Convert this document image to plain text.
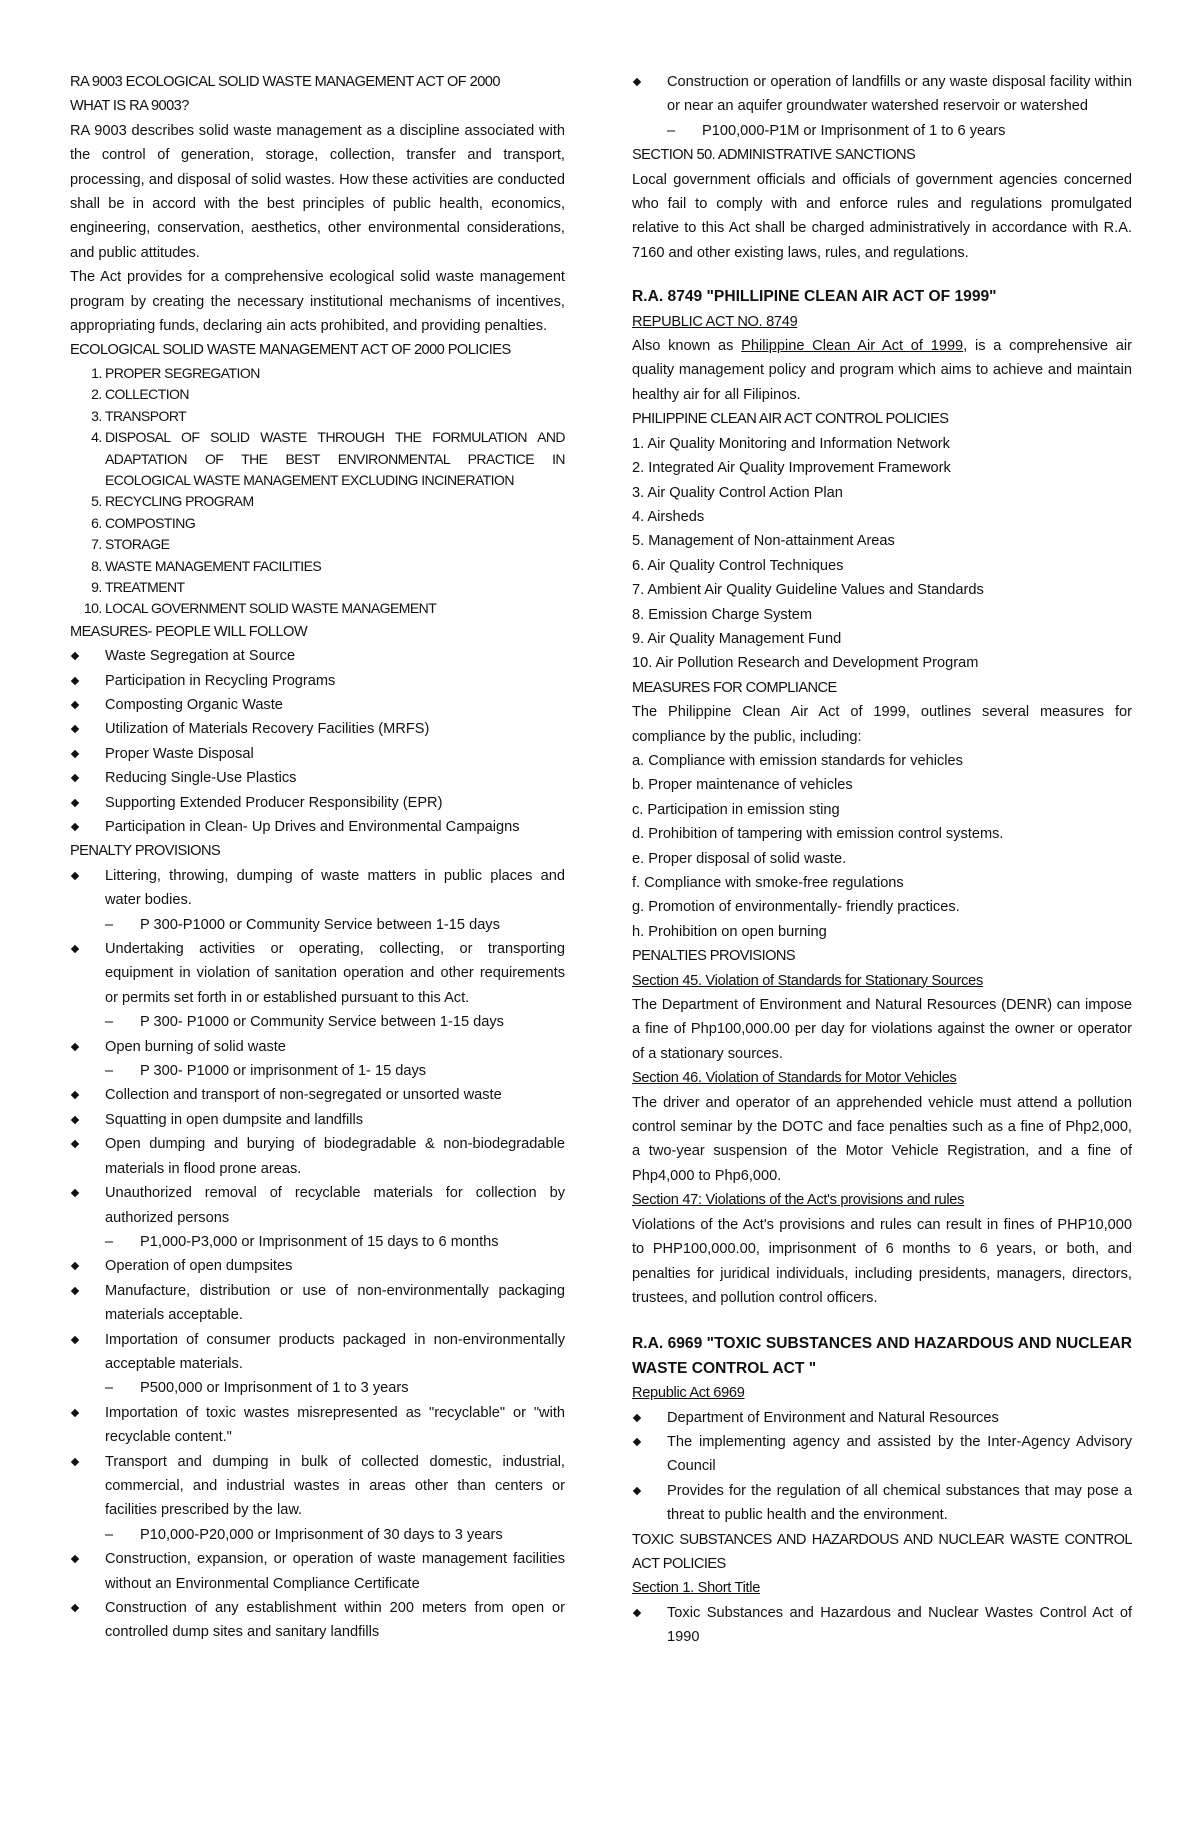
RA 9003 ECOLOGICAL SOLID WASTE MANAGEMENT ACT OF 2000

WHAT IS RA 9003?

RA 9003 describes solid waste management as a discipline associated with the control of generation, storage, collection, transfer and transport, processing, and disposal of solid wastes. How these activities are conducted shall be in accord with the best principles of public health, economics, engineering, conservation, aesthetics, other environmental considerations, and public attitudes.

The Act provides for a comprehensive ecological solid waste management program by creating the necessary institutional mechanisms of incentives, appropriating funds, declaring ain acts prohibited, and providing penalties.

ECOLOGICAL SOLID WASTE MANAGEMENT ACT OF 2000 POLICIES

1. PROPER SEGREGATION
2. COLLECTION
3. TRANSPORT
4. DISPOSAL OF SOLID WASTE THROUGH THE FORMULATION AND ADAPTATION OF THE BEST ENVIRONMENTAL PRACTICE IN ECOLOGICAL WASTE MANAGEMENT EXCLUDING INCINERATION
5. RECYCLING PROGRAM
6. COMPOSTING
7. STORAGE
8. WASTE MANAGEMENT FACILITIES
9. TREATMENT
10. LOCAL GOVERNMENT SOLID WASTE MANAGEMENT

MEASURES- PEOPLE WILL FOLLOW

Waste Segregation at Source
Participation in Recycling Programs
Composting Organic Waste
Utilization of Materials Recovery Facilities (MRFS)
Proper Waste Disposal
Reducing Single-Use Plastics
Supporting Extended Producer Responsibility (EPR)
Participation in Clean- Up Drives and Environmental Campaigns

PENALTY PROVISIONS

Littering, throwing, dumping of waste matters in public places and water bodies.

– P 300-P1000 or Community Service between 1-15 days

Undertaking activities or operating, collecting, or transporting equipment in violation of sanitation operation and other requirements or permits set forth in or established pursuant to this Act.

– P 300- P1000 or Community Service between 1-15 days

Open burning of solid waste

– P 300- P1000 or imprisonment of 1- 15 days

Collection and transport of non-segregated or unsorted waste
Squatting in open dumpsite and landfills
Open dumping and burying of biodegradable & non-biodegradable materials in flood prone areas.
Unauthorized removal of recyclable materials for collection by authorized persons

– P1,000-P3,000 or Imprisonment of 15 days to 6 months

Operation of open dumpsites
Manufacture, distribution or use of non-environmentally packaging materials acceptable.
Importation of consumer products packaged in non-environmentally acceptable materials.

– P500,000 or Imprisonment of 1 to 3 years

Importation of toxic wastes misrepresented as "recyclable" or "with recyclable content."
Transport and dumping in bulk of collected domestic, industrial, commercial, and industrial wastes in areas other than centers or facilities prescribed by the law.

– P10,000-P20,000 or Imprisonment of 30 days to 3 years

Construction, expansion, or operation of waste management facilities without an Environmental Compliance Certificate
Construction of any establishment within 200 meters from open or controlled dump sites and sanitary landfills
Construction or operation of landfills or any waste disposal facility within or near an aquifer groundwater watershed reservoir or watershed

– P100,000-P1M or Imprisonment of 1 to 6 years

SECTION 50. ADMINISTRATIVE SANCTIONS

Local government officials and officials of government agencies concerned who fail to comply with and enforce rules and regulations promulgated relative to this Act shall be charged administratively in accordance with R.A. 7160 and other existing laws, rules, and regulations.

R.A. 8749 "PHILLIPINE CLEAN AIR ACT OF 1999"

REPUBLIC ACT NO. 8749

Also known as Philippine Clean Air Act of 1999, is a comprehensive air quality management policy and program which aims to achieve and maintain healthy air for all Filipinos.

PHILIPPINE CLEAN AIR ACT CONTROL POLICIES

1. Air Quality Monitoring and Information Network

2. Integrated Air Quality Improvement Framework

3. Air Quality Control Action Plan

4. Airsheds

5. Management of Non-attainment Areas

6. Air Quality Control Techniques

7. Ambient Air Quality Guideline Values and Standards

8. Emission Charge System

9. Air Quality Management Fund

10. Air Pollution Research and Development Program

MEASURES FOR COMPLIANCE

The Philippine Clean Air Act of 1999, outlines several measures for compliance by the public, including:

a. Compliance with emission standards for vehicles

b. Proper maintenance of vehicles

c. Participation in emission sting

d. Prohibition of tampering with emission control systems.

e. Proper disposal of solid waste.

f. Compliance with smoke-free regulations

g. Promotion of environmentally- friendly practices.

h. Prohibition on open burning

PENALTIES PROVISIONS

Section 45. Violation of Standards for Stationary Sources

The Department of Environment and Natural Resources (DENR) can impose a fine of Php100,000.00 per day for violations against the owner or operator of a stationary sources.

Section 46. Violation of Standards for Motor Vehicles

The driver and operator of an apprehended vehicle must attend a pollution control seminar by the DOTC and face penalties such as a fine of Php2,000, a two-year suspension of the Motor Vehicle Registration, and a fine of Php4,000 to Php6,000.

Section 47: Violations of the Act's provisions and rules

Violations of the Act's provisions and rules can result in fines of PHP10,000 to PHP100,000.00, imprisonment of 6 months to 6 years, or both, and penalties for juridical individuals, including presidents, managers, directors, trustees, and pollution control officers.

R.A. 6969 "TOXIC SUBSTANCES AND HAZARDOUS AND NUCLEAR WASTE CONTROL ACT "

Republic Act 6969

Department of Environment and Natural Resources
The implementing agency and assisted by the Inter-Agency Advisory Council
Provides for the regulation of all chemical substances that may pose a threat to public health and the environment.

TOXIC SUBSTANCES AND HAZARDOUS AND NUCLEAR WASTE CONTROL ACT POLICIES

Section 1. Short Title

Toxic Substances and Hazardous and Nuclear Wastes Control Act of 1990
